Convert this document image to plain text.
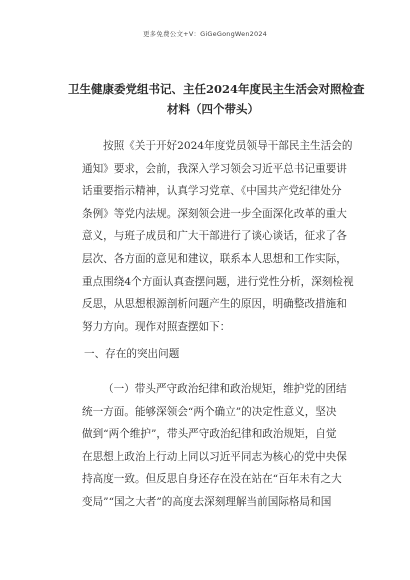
更多免费公文+V：GiGeGongWen2024
卫生健康委党组书记、主任2024年度民主生活会对照检查
材料（四个带头）
按照《关于开好2024年度党员领导干部民主生活会的
通知》要求，会前，我深入学习领会习近平总书记重要讲
话重要指示精神，认真学习党章、《中国共产党纪律处分
条例》等党内法规。深刻领会进一步全面深化改革的重大
意义，与班子成员和广大干部进行了谈心谈话，征求了各
层次、各方面的意见和建议，联系本人思想和工作实际，
重点围绕4个方面认真查摆问题，进行党性分析，深刻检视
反思，从思想根源剖析问题产生的原因，明确整改措施和
努力方向。现作对照查摆如下：
一、存在的突出问题
（一）带头严守政治纪律和政治规矩，维护党的团结
统一方面。能够深领会“两个确立”的决定性意义，坚决
做到“两个维护”，带头严守政治纪律和政治规矩，自觉
在思想上政治上行动上同以习近平同志为核心的党中央保
持高度一致。但反思自身还存在没在站在“百年未有之大
变局”“国之大者”的高度去深刻理解当前国际格局和国
